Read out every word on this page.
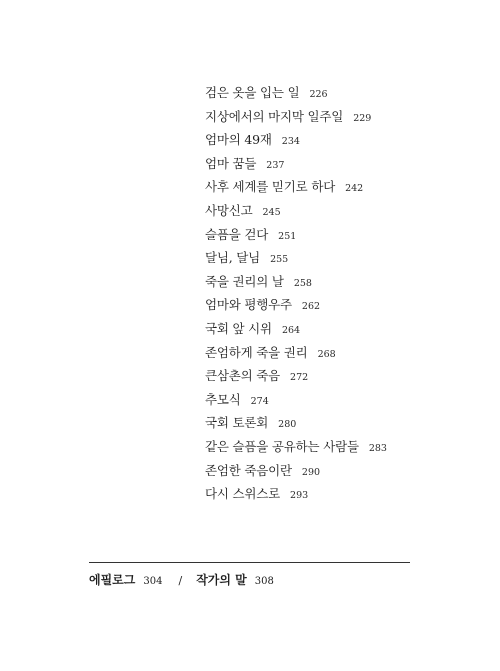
검은 옷을 입는 일 226
지상에서의 마지막 일주일 229
엄마의 49재 234
엄마 꿈들 237
사후 세계를 믿기로 하다 242
사망신고 245
슬픔을 걷다 251
달님, 달님 255
죽을 권리의 날 258
엄마와 평행우주 262
국회 앞 시위 264
존엄하게 죽을 권리 268
큰삼촌의 죽음 272
추모식 274
국회 토론회 280
같은 슬픔을 공유하는 사람들 283
존엄한 죽음이란 290
다시 스위스로 293
에필로그 304 / 작가의 말 308
